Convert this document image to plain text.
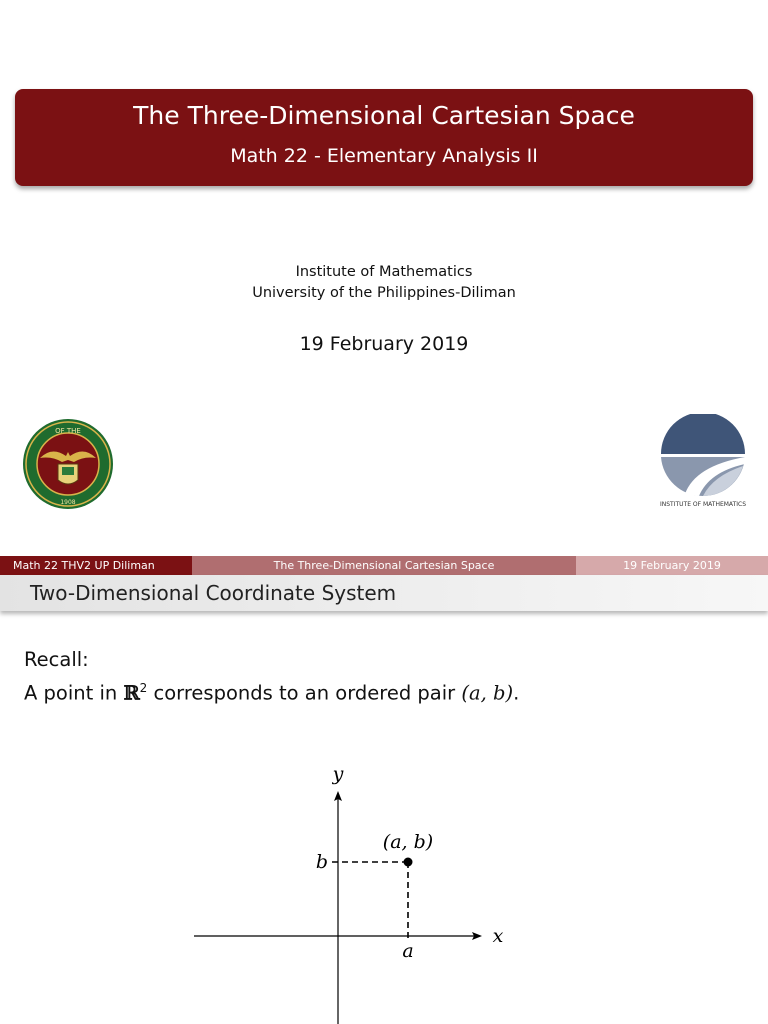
The Three-Dimensional Cartesian Space
Math 22 - Elementary Analysis II
Institute of Mathematics
University of the Philippines-Diliman
19 February 2019
OF THE
1908	INSTITUTE OF MATHEMATICS
Math 22 THV2 UP Diliman	The Three-Dimensional Cartesian Space	19 February 2019
Two-Dimensional Coordinate System
Recall:
A point in ℝ$^2$ corresponds to an ordered pair (a, b).
y
x
(a, b)
a
b
